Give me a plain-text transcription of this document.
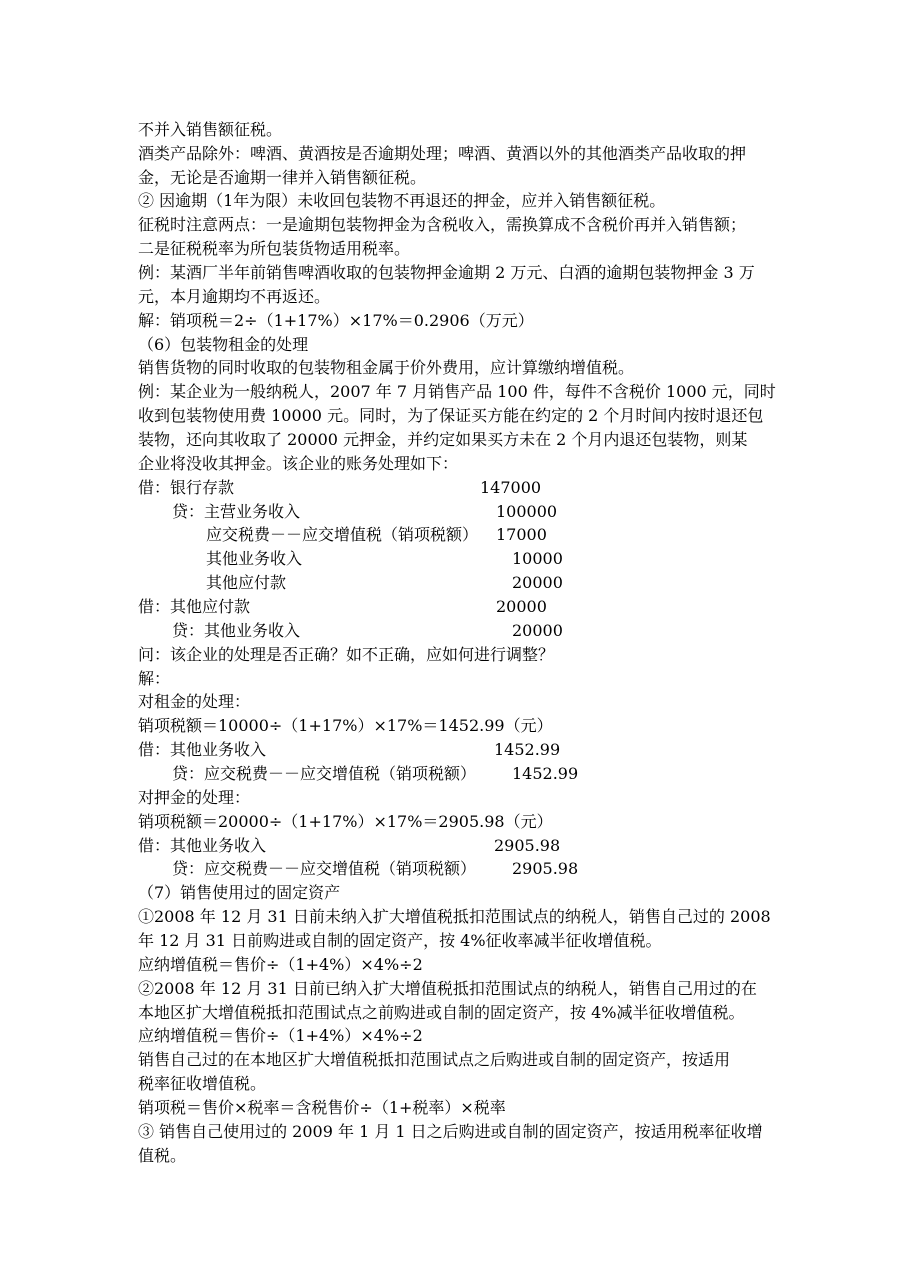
不并入销售额征税。
酒类产品除外：啤酒、黄酒按是否逾期处理；啤酒、黄酒以外的其他酒类产品收取的押
金，无论是否逾期一律并入销售额征税。
② 因逾期（1年为限）未收回包装物不再退还的押金，应并入销售额征税。
征税时注意两点：一是逾期包装物押金为含税收入，需换算成不含税价再并入销售额；
二是征税税率为所包装货物适用税率。
例：某酒厂半年前销售啤酒收取的包装物押金逾期 2 万元、白酒的逾期包装物押金 3 万
元，本月逾期均不再返还。
解：销项税＝2÷（1+17%）×17%＝0.2906（万元）
（6）包装物租金的处理
销售货物的同时收取的包装物租金属于价外费用，应计算缴纳增值税。
例：某企业为一般纳税人，2007 年 7 月销售产品 100 件，每件不含税价 1000 元，同时
收到包装物使用费 10000 元。同时，为了保证买方能在约定的 2 个月时间内按时退还包
装物，还向其收取了 20000 元押金，并约定如果买方未在 2 个月内退还包装物，则某
企业将没收其押金。该企业的账务处理如下：
借：银行存款	147000
贷：主营业务收入	100000
应交税费－－应交增值税（销项税额） 17000
其他业务收入	10000
其他应付款	20000
借：其他应付款	20000
贷：其他业务收入	20000
问：该企业的处理是否正确？如不正确，应如何进行调整？
解：
对租金的处理：
销项税额＝10000÷（1+17%）×17%＝1452.99（元）
借：其他业务收入	1452.99
贷：应交税费－－应交增值税（销项税额） 1452.99
对押金的处理：
销项税额＝20000÷（1+17%）×17%＝2905.98（元）
借：其他业务收入	2905.98
贷：应交税费－－应交增值税（销项税额） 2905.98
（7）销售使用过的固定资产
①2008 年 12 月 31 日前未纳入扩大增值税抵扣范围试点的纳税人，销售自己过的 2008
年 12 月 31 日前购进或自制的固定资产，按 4%征收率减半征收增值税。
应纳增值税＝售价÷（1+4%）×4%÷2
②2008 年 12 月 31 日前已纳入扩大增值税抵扣范围试点的纳税人，销售自己用过的在
本地区扩大增值税抵扣范围试点之前购进或自制的固定资产，按 4%减半征收增值税。
应纳增值税＝售价÷（1+4%）×4%÷2
销售自己过的在本地区扩大增值税抵扣范围试点之后购进或自制的固定资产，按适用
税率征收增值税。
销项税＝售价×税率＝含税售价÷（1+税率）×税率
③ 销售自己使用过的 2009 年 1 月 1 日之后购进或自制的固定资产，按适用税率征收增
值税。
